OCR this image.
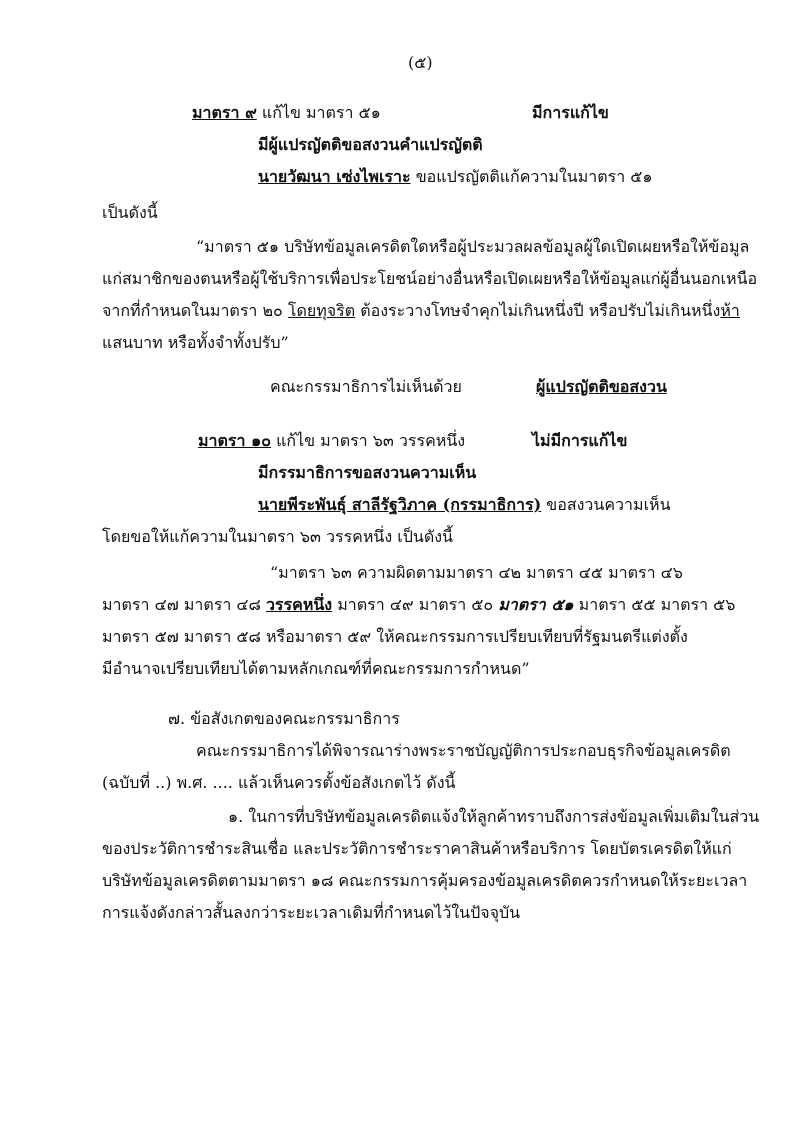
(๕)
มาตรา ๙ แก้ไข มาตรา ๕๑	มีการแก้ไข
มีผู้แปรญัตติขอสงวนคำแปรญัตติ
นายวัฒนา เซ่งไพเราะ ขอแปรญัตติแก้ความในมาตรา ๕๑
เป็นดังนี้
“มาตรา ๕๑ บริษัทข้อมูลเครดิตใดหรือผู้ประมวลผลข้อมูลผู้ใดเปิดเผยหรือให้ข้อมูล
แก่สมาชิกของตนหรือผู้ใช้บริการเพื่อประโยชน์อย่างอื่นหรือเปิดเผยหรือให้ข้อมูลแก่ผู้อื่นนอกเหนือ
จากที่กำหนดในมาตรา ๒๐ โดยทุจริต ต้องระวางโทษจำคุกไม่เกินหนึ่งปี หรือปรับไม่เกินหนึ่งห้า
แสนบาท หรือทั้งจำทั้งปรับ”
คณะกรรมาธิการไม่เห็นด้วย	ผู้แปรญัตติขอสงวน
มาตรา ๑๐ แก้ไข มาตรา ๖๓ วรรคหนึ่ง	ไม่มีการแก้ไข
มีกรรมาธิการขอสงวนความเห็น
นายพีระพันธุ์ สาลีรัฐวิภาค (กรรมาธิการ) ขอสงวนความเห็น
โดยขอให้แก้ความในมาตรา ๖๓ วรรคหนึ่ง เป็นดังนี้
“มาตรา ๖๓ ความผิดตามมาตรา ๔๒ มาตรา ๔๕ มาตรา ๔๖
มาตรา ๔๗ มาตรา ๔๘ วรรคหนึ่ง มาตรา ๔๙ มาตรา ๕๐ มาตรา ๕๑ มาตรา ๕๕ มาตรา ๕๖
มาตรา ๕๗ มาตรา ๕๘ หรือมาตรา ๕๙ ให้คณะกรรมการเปรียบเทียบที่รัฐมนตรีแต่งตั้ง
มีอำนาจเปรียบเทียบได้ตามหลักเกณฑ์ที่คณะกรรมการกำหนด”
๗. ข้อสังเกตของคณะกรรมาธิการ
คณะกรรมาธิการได้พิจารณาร่างพระราชบัญญัติการประกอบธุรกิจข้อมูลเครดิต
(ฉบับที่ ..) พ.ศ. .... แล้วเห็นควรตั้งข้อสังเกตไว้ ดังนี้
๑. ในการที่บริษัทข้อมูลเครดิตแจ้งให้ลูกค้าทราบถึงการส่งข้อมูลเพิ่มเติมในส่วน
ของประวัติการชำระสินเชื่อ และประวัติการชำระราคาสินค้าหรือบริการ โดยบัตรเครดิตให้แก่
บริษัทข้อมูลเครดิตตามมาตรา ๑๘ คณะกรรมการคุ้มครองข้อมูลเครดิตควรกำหนดให้ระยะเวลา
การแจ้งดังกล่าวสั้นลงกว่าระยะเวลาเดิมที่กำหนดไว้ในปัจจุบัน
